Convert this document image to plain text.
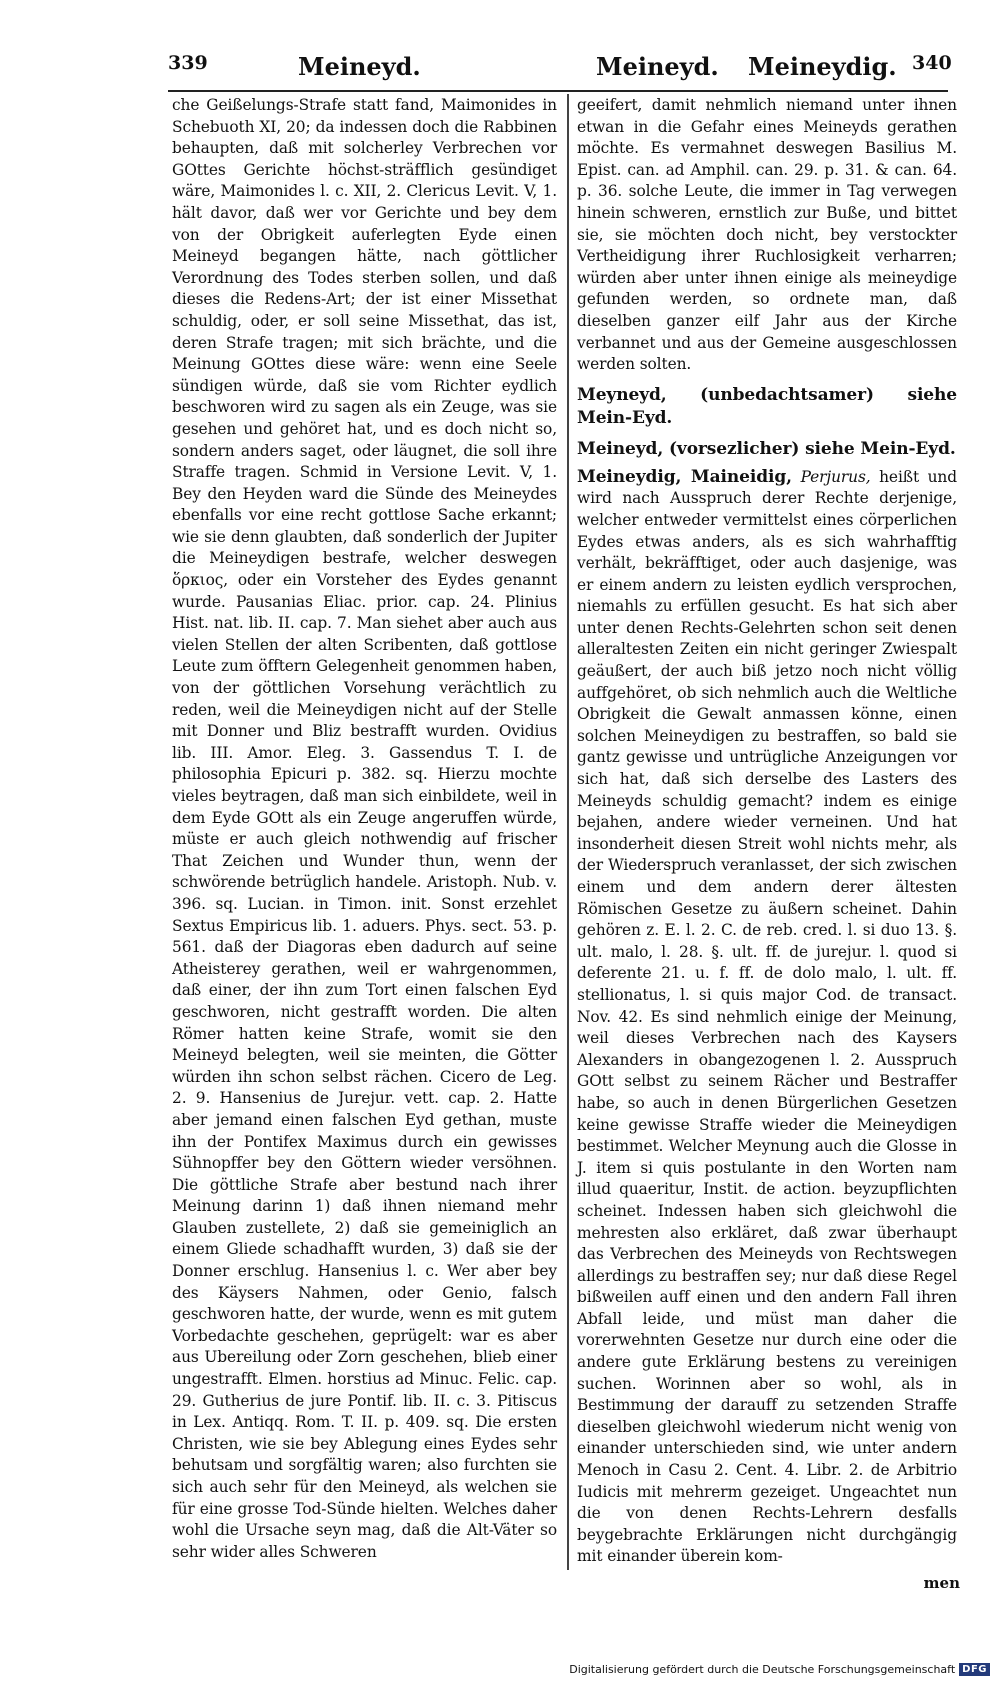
339	Meineyd.	Meineyd. Meineydig. 340

che Geißelungs-Strafe statt fand, Maimonides in Schebuoth XI, 20; da indessen doch die Rabbinen behaupten, daß mit solcherley Verbrechen vor GOttes Gerichte höchst-sträfflich gesündiget wäre, Maimonides l. c. XII, 2. Clericus Levit. V, 1. hält davor, daß wer vor Gerichte und bey dem von der Obrigkeit auferlegten Eyde einen Meineyd begangen hätte, nach göttlicher Verordnung des Todes sterben sollen, und daß dieses die Redens-Art; der ist einer Missethat schuldig, oder, er soll seine Missethat, das ist, deren Strafe tragen; mit sich brächte, und die Meinung GOttes diese wäre: wenn eine Seele sündigen würde, daß sie vom Richter eydlich beschworen wird zu sagen als ein Zeuge, was sie gesehen und gehöret hat, und es doch nicht so, sondern anders saget, oder läugnet, die soll ihre Straffe tragen. Schmid in Versione Levit. V, 1. Bey den Heyden ward die Sünde des Meineydes ebenfalls vor eine recht gottlose Sache erkannt; wie sie denn glaubten, daß sonderlich der Jupiter die Meineydigen bestrafe, welcher deswegen ὅρκιος, oder ein Vorsteher des Eydes genannt wurde. Pausanias Eliac. prior. cap. 24. Plinius Hist. nat. lib. II. cap. 7. Man siehet aber auch aus vielen Stellen der alten Scribenten, daß gottlose Leute zum öfftern Gelegenheit genommen haben, von der göttlichen Vorsehung verächtlich zu reden, weil die Meineydigen nicht auf der Stelle mit Donner und Bliz bestrafft wurden. Ovidius lib. III. Amor. Eleg. 3. Gassendus T. I. de philosophia Epicuri p. 382. sq. Hierzu mochte vieles beytragen, daß man sich einbildete, weil in dem Eyde GOtt als ein Zeuge angeruffen würde, müste er auch gleich nothwendig auf frischer That Zeichen und Wunder thun, wenn der schwörende betrüglich handele. Aristoph. Nub. v. 396. sq. Lucian. in Timon. init. Sonst erzehlet Sextus Empiricus lib. 1. aduers. Phys. sect. 53. p. 561. daß der Diagoras eben dadurch auf seine Atheisterey gerathen, weil er wahrgenommen, daß einer, der ihn zum Tort einen falschen Eyd geschworen, nicht gestrafft worden. Die alten Römer hatten keine Strafe, womit sie den Meineyd belegten, weil sie meinten, die Götter würden ihn schon selbst rächen. Cicero de Leg. 2. 9. Hansenius de Jurejur. vett. cap. 2. Hatte aber jemand einen falschen Eyd gethan, muste ihn der Pontifex Maximus durch ein gewisses Sühnopffer bey den Göttern wieder versöhnen. Die göttliche Strafe aber bestund nach ihrer Meinung darinn 1) daß ihnen niemand mehr Glauben zustellete, 2) daß sie gemeiniglich an einem Gliede schadhafft wurden, 3) daß sie der Donner erschlug. Hansenius l. c. Wer aber bey des Käysers Nahmen, oder Genio, falsch geschworen hatte, der wurde, wenn es mit gutem Vorbedachte geschehen, geprügelt: war es aber aus Ubereilung oder Zorn geschehen, blieb einer ungestrafft. Elmen. horstius ad Minuc. Felic. cap. 29. Gutherius de jure Pontif. lib. II. c. 3. Pitiscus in Lex. Antiqq. Rom. T. II. p. 409. sq. Die ersten Christen, wie sie bey Ablegung eines Eydes sehr behutsam und sorgfältig waren; also furchten sie sich auch sehr für den Meineyd, als welchen sie für eine grosse Tod-Sünde hielten. Welches daher wohl die Ursache seyn mag, daß die Alt-Väter so sehr wider alles Schweren

geeifert, damit nehmlich niemand unter ihnen etwan in die Gefahr eines Meineyds gerathen möchte. Es vermahnet deswegen Basilius M. Epist. can. ad Amphil. can. 29. p. 31. & can. 64. p. 36. solche Leute, die immer in Tag verwegen hinein schweren, ernstlich zur Buße, und bittet sie, sie möchten doch nicht, bey verstockter Vertheidigung ihrer Ruchlosigkeit verharren; würden aber unter ihnen einige als meineydige gefunden werden, so ordnete man, daß dieselben ganzer eilf Jahr aus der Kirche verbannet und aus der Gemeine ausgeschlossen werden solten.

Meyneyd, (unbedachtsamer) siehe Mein-Eyd.

Meineyd, (vorsezlicher) siehe Mein-Eyd.

Meineydig, Maineidig, Perjurus, heißt und wird nach Ausspruch derer Rechte derjenige, welcher entweder vermittelst eines cörperlichen Eydes etwas anders, als es sich wahrhafftig verhält, bekräfftiget, oder auch dasjenige, was er einem andern zu leisten eydlich versprochen, niemahls zu erfüllen gesucht. Es hat sich aber unter denen Rechts-Gelehrten schon seit denen alleraltesten Zeiten ein nicht geringer Zwiespalt geäußert, der auch biß jetzo noch nicht völlig auffgehöret, ob sich nehmlich auch die Weltliche Obrigkeit die Gewalt anmassen könne, einen solchen Meineydigen zu bestraffen, so bald sie gantz gewisse und untrügliche Anzeigungen vor sich hat, daß sich derselbe des Lasters des Meineyds schuldig gemacht? indem es einige bejahen, andere wieder verneinen. Und hat insonderheit diesen Streit wohl nichts mehr, als der Wiederspruch veranlasset, der sich zwischen einem und dem andern derer ältesten Römischen Gesetze zu äußern scheinet. Dahin gehören z. E. l. 2. C. de reb. cred. l. si duo 13. §. ult. malo, l. 28. §. ult. ff. de jurejur. l. quod si deferente 21. u. f. ff. de dolo malo, l. ult. ff. stellionatus, l. si quis major Cod. de transact. Nov. 42. Es sind nehmlich einige der Meinung, weil dieses Verbrechen nach des Kaysers Alexanders in obangezogenen l. 2. Ausspruch GOtt selbst zu seinem Rächer und Bestraffer habe, so auch in denen Bürgerlichen Gesetzen keine gewisse Straffe wieder die Meineydigen bestimmet. Welcher Meynung auch die Glosse in J. item si quis postulante in den Worten nam illud quaeritur, Instit. de action. beyzupflichten scheinet. Indessen haben sich gleichwohl die mehresten also erkläret, daß zwar überhaupt das Verbrechen des Meineyds von Rechtswegen allerdings zu bestraffen sey; nur daß diese Regel bißweilen auff einen und den andern Fall ihren Abfall leide, und müst man daher die vorerwehnten Gesetze nur durch eine oder die andere gute Erklärung bestens zu vereinigen suchen. Worinnen aber so wohl, als in Bestimmung der darauff zu setzenden Straffe dieselben gleichwohl wiederum nicht wenig von einander unterschieden sind, wie unter andern Menoch in Casu 2. Cent. 4. Libr. 2. de Arbitrio Iudicis mit mehrerm gezeiget. Ungeachtet nun die von denen Rechts-Lehrern desfalls beygebrachte Erklärungen nicht durchgängig mit einander überein kom-

men
Digitalisierung gefördert durch die Deutsche Forschungsgemeinschaft DFG
